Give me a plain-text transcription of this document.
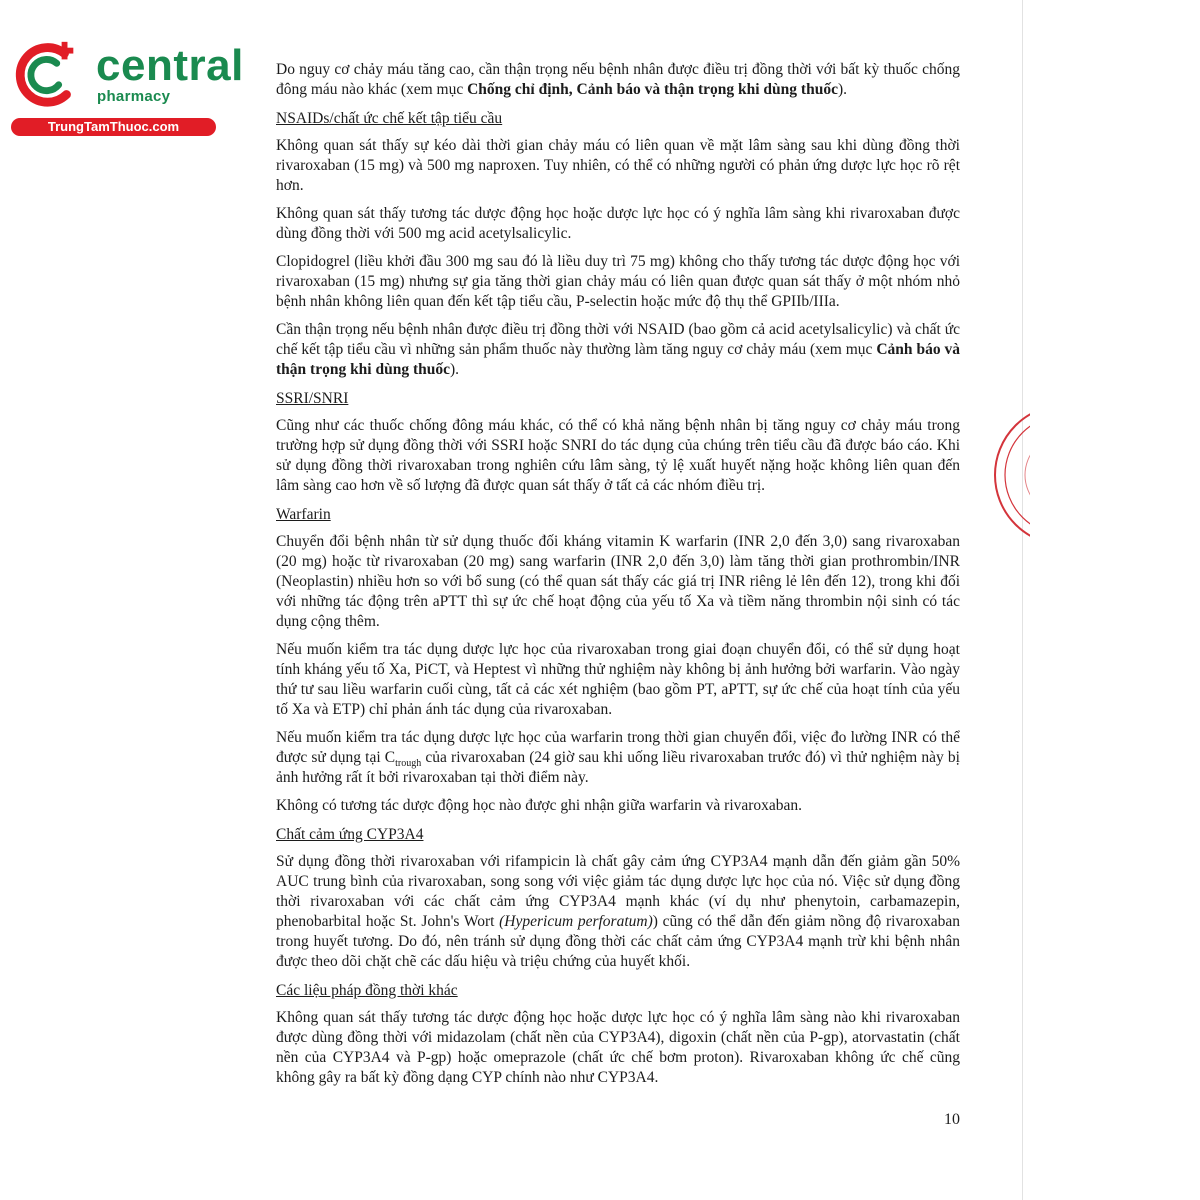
central
pharmacy
TrungTamThuoc.com

Do nguy cơ chảy máu tăng cao, cần thận trọng nếu bệnh nhân được điều trị đồng thời với bất kỳ thuốc chống đông máu nào khác (xem mục Chống chỉ định, Cảnh báo và thận trọng khi dùng thuốc).

NSAIDs/chất ức chế kết tập tiểu cầu

Không quan sát thấy sự kéo dài thời gian chảy máu có liên quan về mặt lâm sàng sau khi dùng đồng thời rivaroxaban (15 mg) và 500 mg naproxen. Tuy nhiên, có thể có những người có phản ứng dược lực học rõ rệt hơn.

Không quan sát thấy tương tác dược động học hoặc dược lực học có ý nghĩa lâm sàng khi rivaroxaban được dùng đồng thời với 500 mg acid acetylsalicylic.

Clopidogrel (liều khởi đầu 300 mg sau đó là liều duy trì 75 mg) không cho thấy tương tác dược động học với rivaroxaban (15 mg) nhưng sự gia tăng thời gian chảy máu có liên quan được quan sát thấy ở một nhóm nhỏ bệnh nhân không liên quan đến kết tập tiểu cầu, P-selectin hoặc mức độ thụ thể GPIIb/IIIa.

Cần thận trọng nếu bệnh nhân được điều trị đồng thời với NSAID (bao gồm cả acid acetylsalicylic) và chất ức chế kết tập tiểu cầu vì những sản phẩm thuốc này thường làm tăng nguy cơ chảy máu (xem mục Cảnh báo và thận trọng khi dùng thuốc).

SSRI/SNRI

Cũng như các thuốc chống đông máu khác, có thể có khả năng bệnh nhân bị tăng nguy cơ chảy máu trong trường hợp sử dụng đồng thời với SSRI hoặc SNRI do tác dụng của chúng trên tiểu cầu đã được báo cáo. Khi sử dụng đồng thời rivaroxaban trong nghiên cứu lâm sàng, tỷ lệ xuất huyết nặng hoặc không liên quan đến lâm sàng cao hơn về số lượng đã được quan sát thấy ở tất cả các nhóm điều trị.

Warfarin

Chuyển đổi bệnh nhân từ sử dụng thuốc đối kháng vitamin K warfarin (INR 2,0 đến 3,0) sang rivaroxaban (20 mg) hoặc từ rivaroxaban (20 mg) sang warfarin (INR 2,0 đến 3,0) làm tăng thời gian prothrombin/INR (Neoplastin) nhiều hơn so với bổ sung (có thể quan sát thấy các giá trị INR riêng lẻ lên đến 12), trong khi đối với những tác động trên aPTT thì sự ức chế hoạt động của yếu tố Xa và tiềm năng thrombin nội sinh có tác dụng cộng thêm.

Nếu muốn kiểm tra tác dụng dược lực học của rivaroxaban trong giai đoạn chuyển đổi, có thể sử dụng hoạt tính kháng yếu tố Xa, PiCT, và Heptest vì những thử nghiệm này không bị ảnh hưởng bởi warfarin. Vào ngày thứ tư sau liều warfarin cuối cùng, tất cả các xét nghiệm (bao gồm PT, aPTT, sự ức chế của hoạt tính của yếu tố Xa và ETP) chỉ phản ánh tác dụng của rivaroxaban.

Nếu muốn kiểm tra tác dụng dược lực học của warfarin trong thời gian chuyển đổi, việc đo lường INR có thể được sử dụng tại $C_{trough}$ của rivaroxaban (24 giờ sau khi uống liều rivaroxaban trước đó) vì thử nghiệm này bị ảnh hưởng rất ít bởi rivaroxaban tại thời điểm này.

Không có tương tác dược động học nào được ghi nhận giữa warfarin và rivaroxaban.

Chất cảm ứng CYP3A4

Sử dụng đồng thời rivaroxaban với rifampicin là chất gây cảm ứng CYP3A4 mạnh dẫn đến giảm gần 50% AUC trung bình của rivaroxaban, song song với việc giảm tác dụng dược lực học của nó. Việc sử dụng đồng thời rivaroxaban với các chất cảm ứng CYP3A4 mạnh khác (ví dụ như phenytoin, carbamazepin, phenobarbital hoặc St. John's Wort (Hypericum perforatum)) cũng có thể dẫn đến giảm nồng độ rivaroxaban trong huyết tương. Do đó, nên tránh sử dụng đồng thời các chất cảm ứng CYP3A4 mạnh trừ khi bệnh nhân được theo dõi chặt chẽ các dấu hiệu và triệu chứng của huyết khối.

Các liệu pháp đồng thời khác

Không quan sát thấy tương tác dược động học hoặc dược lực học có ý nghĩa lâm sàng nào khi rivaroxaban được dùng đồng thời với midazolam (chất nền của CYP3A4), digoxin (chất nền của P-gp), atorvastatin (chất nền của CYP3A4 và P-gp) hoặc omeprazole (chất ức chế bơm proton). Rivaroxaban không ức chế cũng không gây ra bất kỳ đồng dạng CYP chính nào như CYP3A4.

10
